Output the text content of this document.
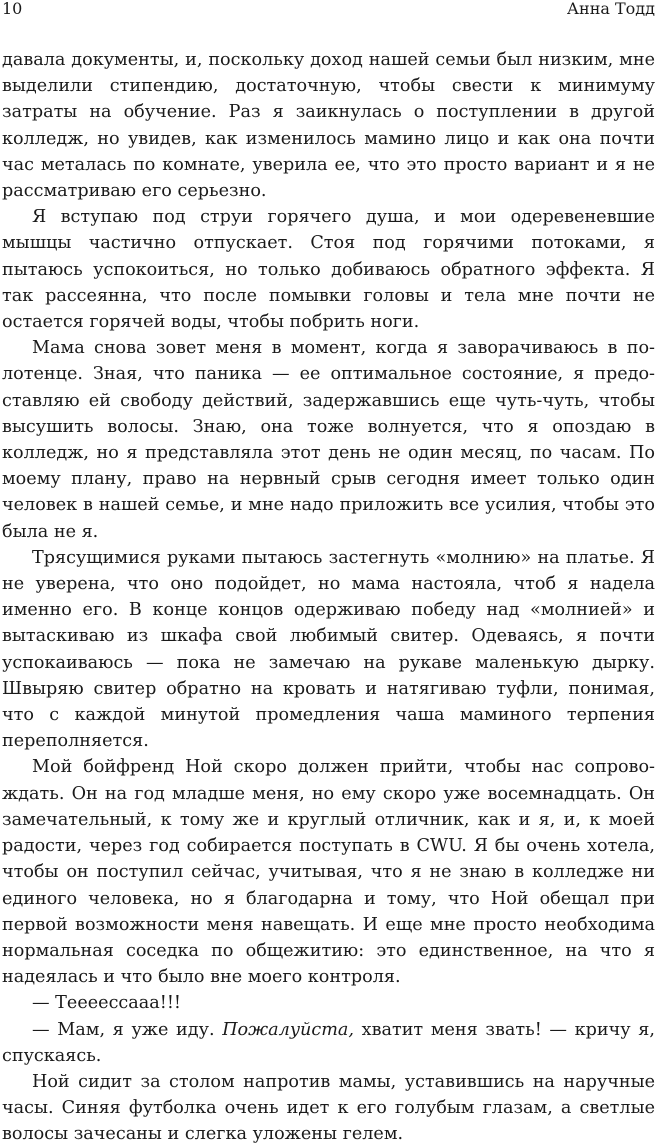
10	Анна Тодд

давала документы, и, поскольку доход нашей семьи был низким, мне выделили стипендию, достаточную, чтобы свести к минимуму затраты на обучение. Раз я заикнулась о поступлении в другой колледж, но увидев, как изменилось мамино лицо и как она почти час металась по комнате, уверила ее, что это просто вариант и я не рассматриваю его серьезно.

Я вступаю под струи горячего душа, и мои одеревеневшие мышцы частично отпускает. Стоя под горячими потоками, я пытаюсь успокоиться, но только добиваюсь обратного эффекта. Я так рассеянна, что после помывки головы и тела мне почти не остается горячей воды, чтобы побрить ноги.

Мама снова зовет меня в момент, когда я заворачиваюсь в полотенце. Зная, что паника — ее оптимальное состояние, я предоставляю ей свободу действий, задержавшись еще чуть-чуть, чтобы высушить волосы. Знаю, она тоже волнуется, что я опоздаю в колледж, но я представляла этот день не один месяц, по часам. По моему плану, право на нервный срыв сегодня имеет только один человек в нашей семье, и мне надо приложить все усилия, чтобы это была не я.

Трясущимися руками пытаюсь застегнуть «молнию» на платье. Я не уверена, что оно подойдет, но мама настояла, чтоб я надела именно его. В конце концов одерживаю победу над «молнией» и вытаскиваю из шкафа свой любимый свитер. Одеваясь, я почти успокаиваюсь — пока не замечаю на рукаве маленькую дырку. Швыряю свитер обратно на кровать и натягиваю туфли, понимая, что с каждой минутой промедления чаша маминого терпения переполняется.

Мой бойфренд Ной скоро должен прийти, чтобы нас сопровождать. Он на год младше меня, но ему скоро уже восемнадцать. Он замечательный, к тому же и круглый отличник, как и я, и, к моей радости, через год собирается поступать в CWU. Я бы очень хотела, чтобы он поступил сейчас, учитывая, что я не знаю в колледже ни единого человека, но я благодарна и тому, что Ной обещал при первой возможности меня навещать. И еще мне просто необходима нормальная соседка по общежитию: это единственное, на что я надеялась и что было вне моего контроля.

— Теееессааа!!!

— Мам, я уже иду. Пожалуйста, хватит меня звать! — кричу я, спускаясь.

Ной сидит за столом напротив мамы, уставившись на наручные часы. Синяя футболка очень идет к его голубым глазам, а светлые волосы зачесаны и слегка уложены гелем.
